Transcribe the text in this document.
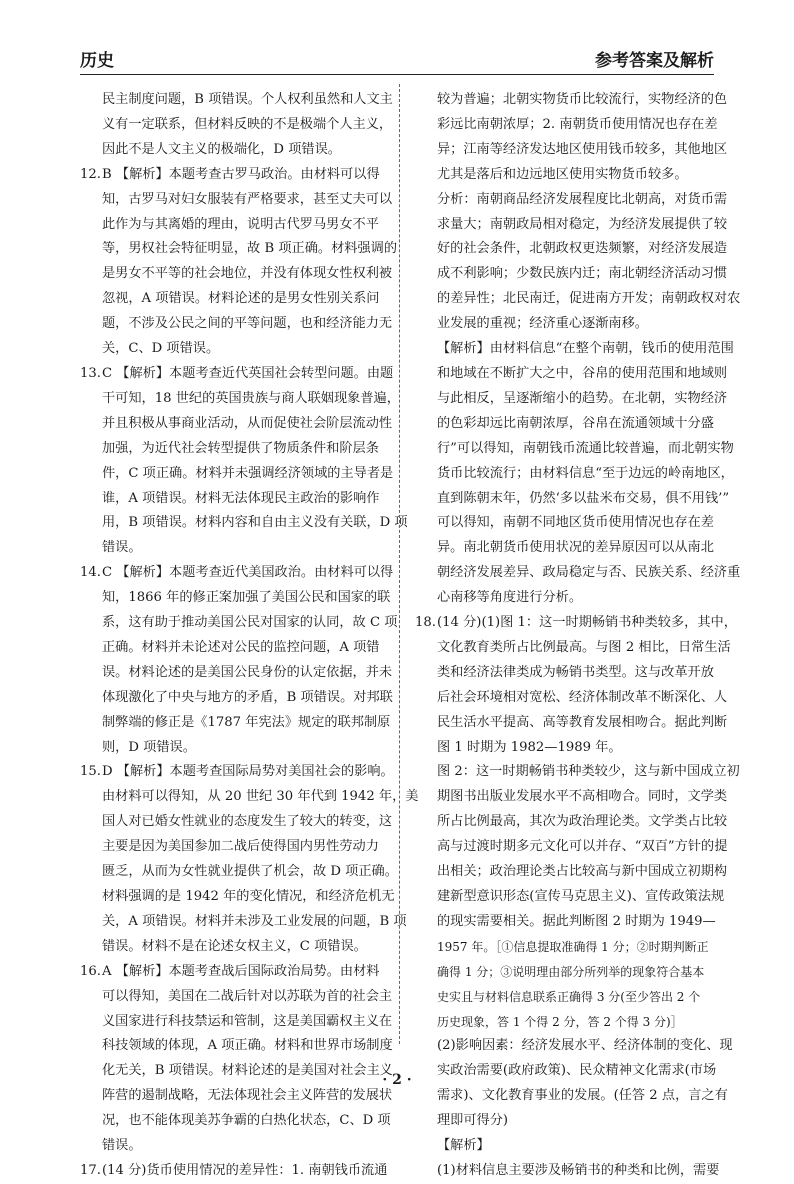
历史	参考答案及解析
民主制度问题，B 项错误。个人权利虽然和人文主
义有一定联系，但材料反映的不是极端个人主义，
因此不是人文主义的极端化，D 项错误。
12. B 【解析】本题考查古罗马政治。由材料可以得
知，古罗马对妇女服装有严格要求，甚至丈夫可以
此作为与其离婚的理由，说明古代罗马男女不平
等，男权社会特征明显，故 B 项正确。材料强调的
是男女不平等的社会地位，并没有体现女性权利被
忽视，A 项错误。材料论述的是男女性别关系问
题，不涉及公民之间的平等问题，也和经济能力无
关，C、D 项错误。
13. C 【解析】本题考查近代英国社会转型问题。由题
干可知，18 世纪的英国贵族与商人联姻现象普遍，
并且积极从事商业活动，从而促使社会阶层流动性
加强，为近代社会转型提供了物质条件和阶层条
件，C 项正确。材料并未强调经济领域的主导者是
谁，A 项错误。材料无法体现民主政治的影响作
用，B 项错误。材料内容和自由主义没有关联，D 项
错误。
14. C 【解析】本题考查近代美国政治。由材料可以得
知，1866 年的修正案加强了美国公民和国家的联
系，这有助于推动美国公民对国家的认同，故 C 项
正确。材料并未论述对公民的监控问题，A 项错
误。材料论述的是美国公民身份的认定依据，并未
体现激化了中央与地方的矛盾，B 项错误。对邦联
制弊端的修正是《1787 年宪法》规定的联邦制原
则，D 项错误。
15. D 【解析】本题考查国际局势对美国社会的影响。
由材料可以得知，从 20 世纪 30 年代到 1942 年，美
国人对已婚女性就业的态度发生了较大的转变，这
主要是因为美国参加二战后使得国内男性劳动力
匮乏，从而为女性就业提供了机会，故 D 项正确。
材料强调的是 1942 年的变化情况，和经济危机无
关，A 项错误。材料并未涉及工业发展的问题，B 项
错误。材料不是在论述女权主义，C 项错误。
16. A 【解析】本题考查战后国际政治局势。由材料
可以得知，美国在二战后针对以苏联为首的社会主
义国家进行科技禁运和管制，这是美国霸权主义在
科技领域的体现，A 项正确。材料和世界市场制度
化无关，B 项错误。材料论述的是美国对社会主义
阵营的遏制战略，无法体现社会主义阵营的发展状
况，也不能体现美苏争霸的白热化状态，C、D 项
错误。
17. (14 分)货币使用情况的差异性：1. 南朝钱币流通
较为普遍；北朝实物货币比较流行，实物经济的色
彩远比南朝浓厚；2. 南朝货币使用情况也存在差
异；江南等经济发达地区使用钱币较多，其他地区
尤其是落后和边远地区使用实物货币较多。
分析：南朝商品经济发展程度比北朝高，对货币需
求量大；南朝政局相对稳定，为经济发展提供了较
好的社会条件，北朝政权更迭频繁，对经济发展造
成不利影响；少数民族内迁；南北朝经济活动习惯
的差异性；北民南迁，促进南方开发；南朝政权对农
业发展的重视；经济重心逐渐南移。
【解析】由材料信息“在整个南朝，钱币的使用范围
和地域在不断扩大之中，谷帛的使用范围和地域则
与此相反，呈逐渐缩小的趋势。在北朝，实物经济
的色彩却远比南朝浓厚，谷帛在流通领域十分盛
行”可以得知，南朝钱币流通比较普遍，而北朝实物
货币比较流行；由材料信息“至于边远的岭南地区，
直到陈朝末年，仍然‘多以盐米布交易，俱不用钱’”
可以得知，南朝不同地区货币使用情况也存在差
异。南北朝货币使用状况的差异原因可以从南北
朝经济发展差异、政局稳定与否、民族关系、经济重
心南移等角度进行分析。
18. (14 分)(1)图 1：这一时期畅销书种类较多，其中，
文化教育类所占比例最高。与图 2 相比，日常生活
类和经济法律类成为畅销书类型。这与改革开放
后社会环境相对宽松、经济体制改革不断深化、人
民生活水平提高、高等教育发展相吻合。据此判断
图 1 时期为 1982—1989 年。
图 2：这一时期畅销书种类较少，这与新中国成立初
期图书出版业发展水平不高相吻合。同时，文学类
所占比例最高，其次为政治理论类。文学类占比较
高与过渡时期多元文化可以并存、“双百”方针的提
出相关；政治理论类占比较高与新中国成立初期构
建新型意识形态(宣传马克思主义)、宣传政策法规
的现实需要相关。据此判断图 2 时期为 1949—
1957 年。［①信息提取准确得 1 分；②时期判断正
确得 1 分；③说明理由部分所列举的现象符合基本
史实且与材料信息联系正确得 3 分(至少答出 2 个
历史现象，答 1 个得 2 分，答 2 个得 3 分)］
(2)影响因素：经济发展水平、经济体制的变化、现
实政治需要(政府政策)、民众精神文化需求(市场
需求)、文化教育事业的发展。(任答 2 点，言之有
理即可得分)
【解析】
(1)材料信息主要涉及畅销书的种类和比例，需要
· 2 ·
